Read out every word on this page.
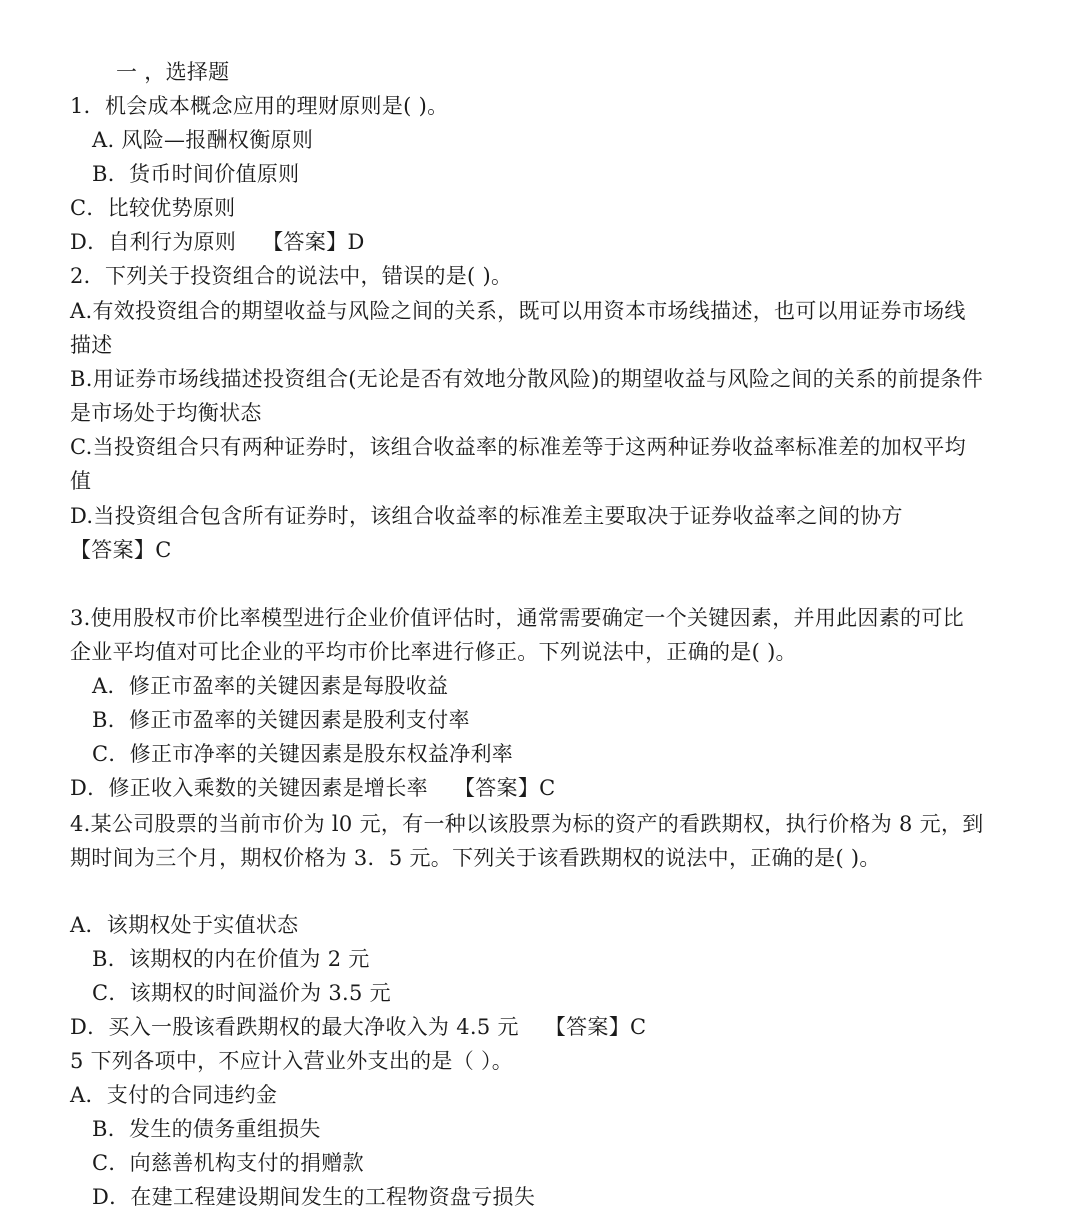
一 ，选择题
1．机会成本概念应用的理财原则是( )。
A. 风险—报酬权衡原则
B．货币时间价值原则
C．比较优势原则
D．自利行为原则 【答案】D
2．下列关于投资组合的说法中，错误的是( )。
A.有效投资组合的期望收益与风险之间的关系，既可以用资本市场线描述，也可以用证券市场线描述
B.用证券市场线描述投资组合(无论是否有效地分散风险)的期望收益与风险之间的关系的前提条件是市场处于均衡状态
C.当投资组合只有两种证券时，该组合收益率的标准差等于这两种证券收益率标准差的加权平均值
D.当投资组合包含所有证券时，该组合收益率的标准差主要取决于证券收益率之间的协方
【答案】C
3.使用股权市价比率模型进行企业价值评估时，通常需要确定一个关键因素，并用此因素的可比企业平均值对可比企业的平均市价比率进行修正。下列说法中，正确的是( )。
A．修正市盈率的关键因素是每股收益
B．修正市盈率的关键因素是股利支付率
C．修正市净率的关键因素是股东权益净利率
D．修正收入乘数的关键因素是增长率 【答案】C
4.某公司股票的当前市价为 l0 元，有一种以该股票为标的资产的看跌期权，执行价格为 8 元，到期时间为三个月，期权价格为 3．5 元。下列关于该看跌期权的说法中，正确的是( )。
A．该期权处于实值状态
B．该期权的内在价值为 2 元
C．该期权的时间溢价为 3.5 元
D．买入一股该看跌期权的最大净收入为 4.5 元 【答案】C
5 下列各项中，不应计入营业外支出的是（ ）。
A．支付的合同违约金
B．发生的债务重组损失
C．向慈善机构支付的捐赠款
D．在建工程建设期间发生的工程物资盘亏损失
